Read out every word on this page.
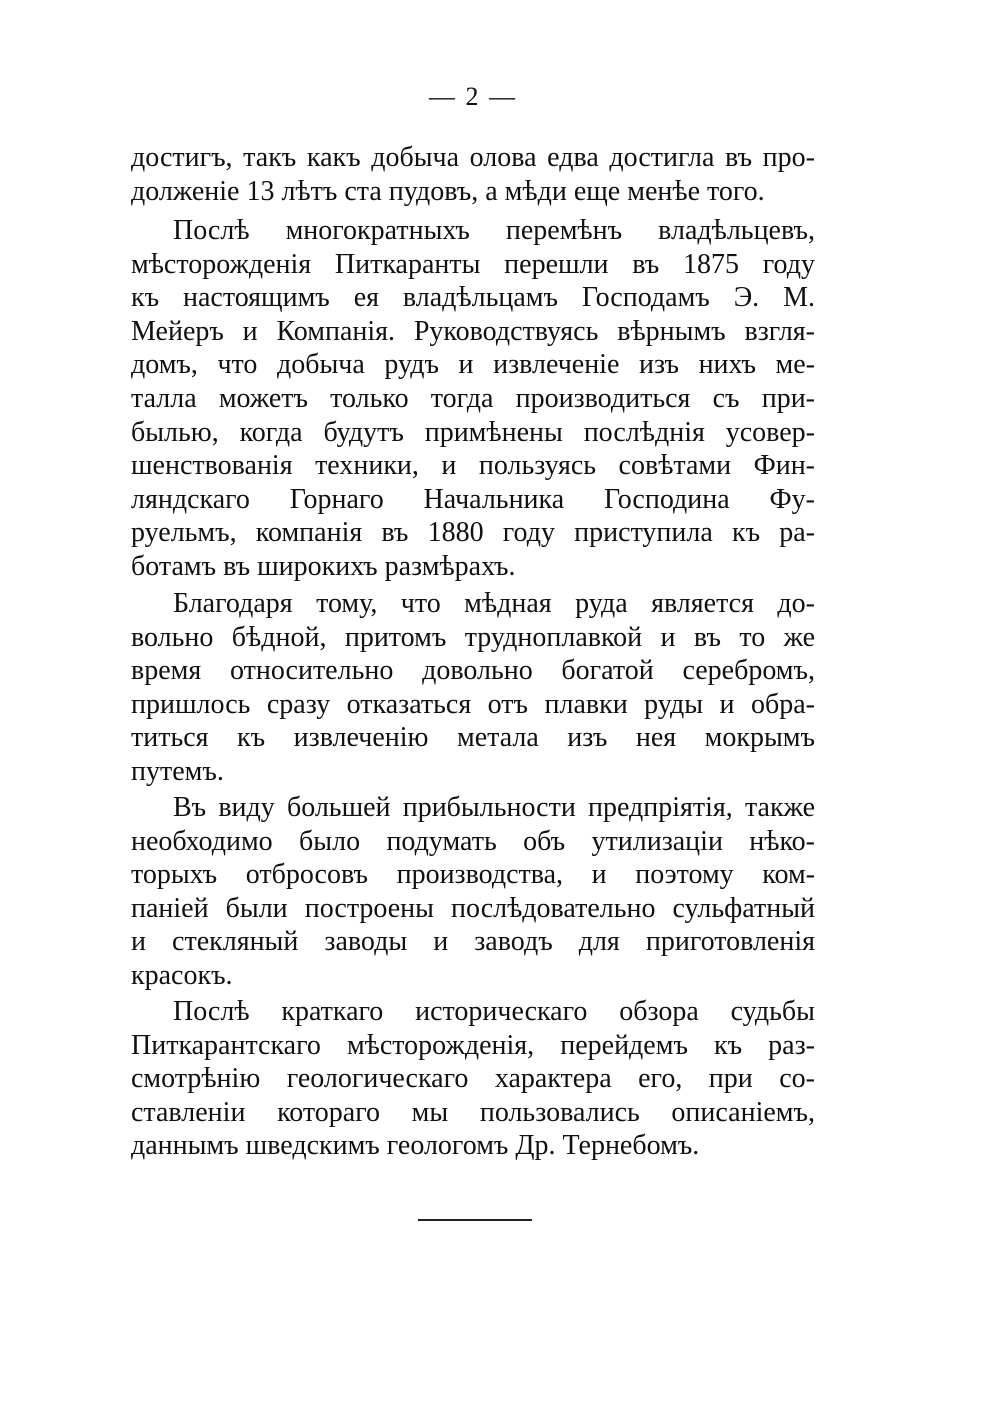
— 2 —
достигъ, такъ какъ добыча олова едва достигла въ про-
долженіе 13 лѣтъ ста пудовъ, а мѣди еще менѣе того.
Послѣ многократныхъ перемѣнъ владѣльцевъ,
мѣсторожденія Питкаранты перешли въ 1875 году
къ настоящимъ ея владѣльцамъ Господамъ Э. М.
Мейеръ и Компанія. Руководствуясь вѣрнымъ взгля-
домъ, что добыча рудъ и извлеченіе изъ нихъ ме-
талла можетъ только тогда производиться съ при-
былью, когда будутъ примѣнены послѣднія усовер-
шенствованія техники, и пользуясь совѣтами Фин-
ляндскаго Горнаго Начальника Господина Фу-
руельмъ, компанія въ 1880 году приступила къ ра-
ботамъ въ широкихъ размѣрахъ.
Благодаря тому, что мѣдная руда является до-
вольно бѣдной, притомъ трудноплавкой и въ то же
время относительно довольно богатой серебромъ,
пришлось сразу отказаться отъ плавки руды и обра-
титься къ извлеченію метала изъ нея мокрымъ
путемъ.
Въ виду большей прибыльности предпріятія, также
необходимо было подумать объ утилизаціи нѣко-
торыхъ отбросовъ производства, и поэтому ком-
паніей были построены послѣдовательно сульфатный
и стекляный заводы и заводъ для приготовленія
красокъ.
Послѣ краткаго историческаго обзора судьбы
Питкарантскаго мѣсторожденія, перейдемъ къ раз-
смотрѣнію геологическаго характера его, при со-
ставленіи котораго мы пользовались описаніемъ,
даннымъ шведскимъ геологомъ Др. Тернебомъ.
